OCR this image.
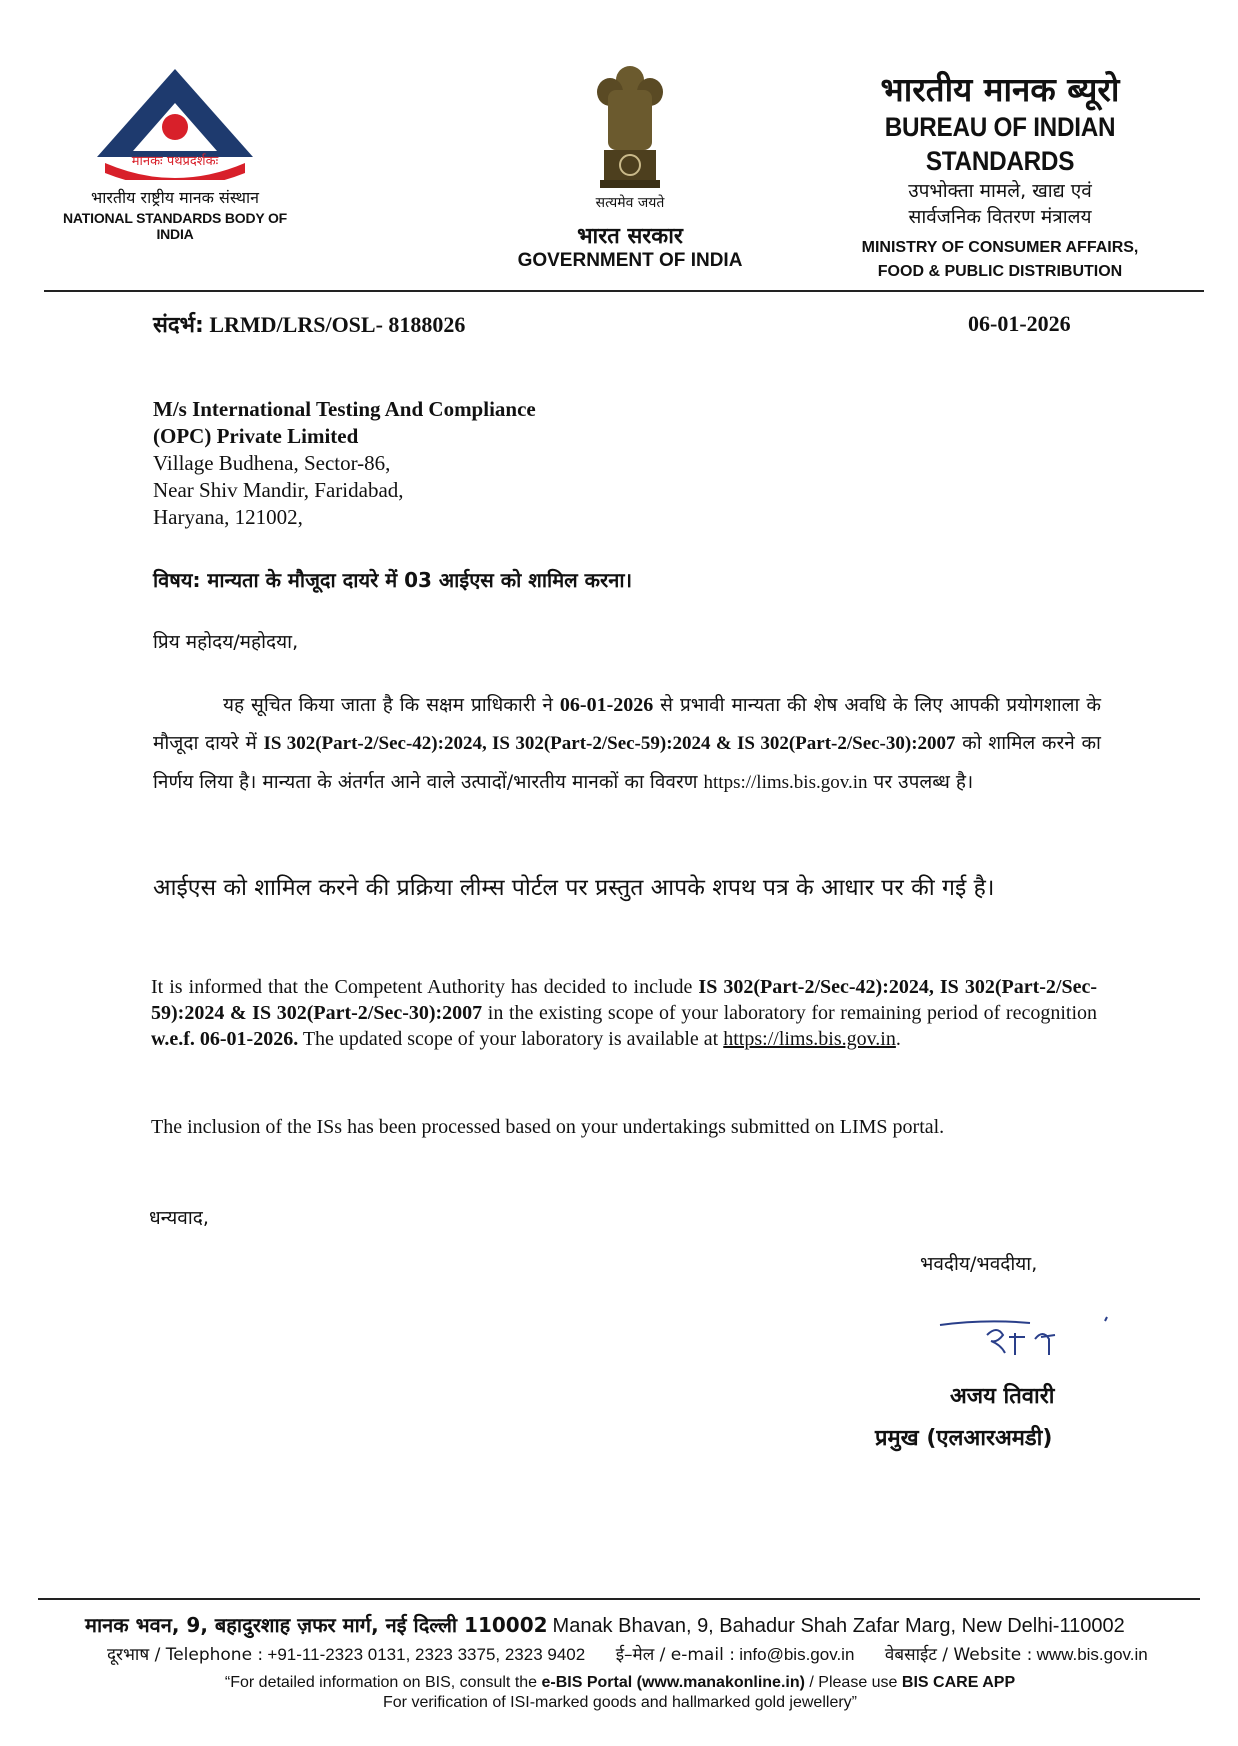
मानकः पथप्रदर्शकः
भारतीय राष्ट्रीय मानक संस्थान
NATIONAL STANDARDS BODY OF INDIA
सत्यमेव जयते
भारत सरकार
GOVERNMENT OF INDIA
भारतीय मानक ब्यूरो
BUREAU OF INDIAN STANDARDS
उपभोक्ता मामले, खाद्य एवं
सार्वजनिक वितरण मंत्रालय
MINISTRY OF CONSUMER AFFAIRS,
FOOD & PUBLIC DISTRIBUTION
संदर्भ: LRMD/LRS/OSL- 8188026	06-01-2026
M/s International Testing And Compliance
(OPC) Private Limited
Village Budhena, Sector-86,
Near Shiv Mandir, Faridabad,
Haryana, 121002,
विषय: मान्यता के मौजूदा दायरे में 03 आईएस को शामिल करना।
प्रिय महोदय/महोदया,
यह सूचित किया जाता है कि सक्षम प्राधिकारी ने 06-01-2026 से प्रभावी मान्यता की शेष अवधि के लिए आपकी प्रयोगशाला के मौजूदा दायरे में IS 302(Part-2/Sec-42):2024, IS 302(Part-2/Sec-59):2024 & IS 302(Part-2/Sec-30):2007 को शामिल करने का निर्णय लिया है। मान्यता के अंतर्गत आने वाले उत्पादों/भारतीय मानकों का विवरण https://lims.bis.gov.in पर उपलब्ध है।
आईएस को शामिल करने की प्रक्रिया लीम्स पोर्टल पर प्रस्तुत आपके शपथ पत्र के आधार पर की गई है।
It is informed that the Competent Authority has decided to include IS 302(Part-2/Sec-42):2024, IS 302(Part-2/Sec-59):2024 & IS 302(Part-2/Sec-30):2007 in the existing scope of your laboratory for remaining period of recognition w.e.f. 06-01-2026. The updated scope of your laboratory is available at https://lims.bis.gov.in.
The inclusion of the ISs has been processed based on your undertakings submitted on LIMS portal.
धन्यवाद,
भवदीय/भवदीया,
अजय तिवारी
प्रमुख (एलआरअमडी)
मानक भवन, 9, बहादुरशाह ज़फर मार्ग, नई दिल्ली 110002 Manak Bhavan, 9, Bahadur Shah Zafar Marg, New Delhi-110002
दूरभाष / Telephone : +91-11-2323 0131, 2323 3375, 2323 9402 ई–मेल / e-mail : info@bis.gov.in वेबसाईट / Website : www.bis.gov.in
“For detailed information on BIS, consult the e-BIS Portal (www.manakonline.in) / Please use BIS CARE APP
For verification of ISI-marked goods and hallmarked gold jewellery”
